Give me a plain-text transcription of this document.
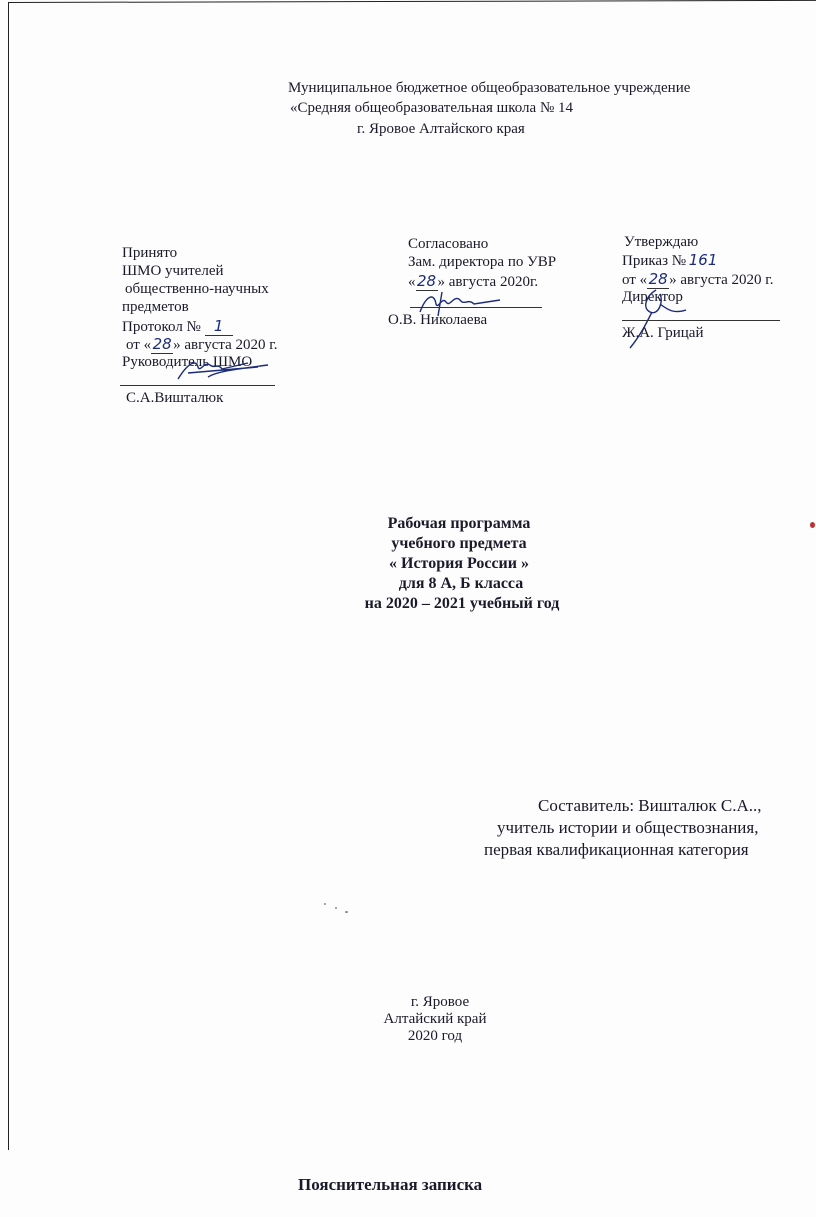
Муниципальное бюджетное общеобразовательное учреждение
«Средняя общеобразовательная школа № 14
г. Яровое Алтайского края
Принято
ШМО учителей
общественно-научных
предметов
Протокол № 1
от «28» августа 2020 г.
Руководитель ШМО
С.А.Вишталюк
Согласовано
Зам. директора по УВР
«28» августа 2020г.
О.В. Николаева
Утверждаю
Приказ № 161
от «28» августа 2020 г.
Директор
Ж.А. Грицай
Рабочая программа
учебного предмета
« История России »
для 8 А, Б класса
на 2020 – 2021 учебный год
Составитель: Вишталюк С.А..,
учитель истории и обществознания,
первая квалификационная категория
г. Яровое
Алтайский край
2020 год
Пояснительная записка
